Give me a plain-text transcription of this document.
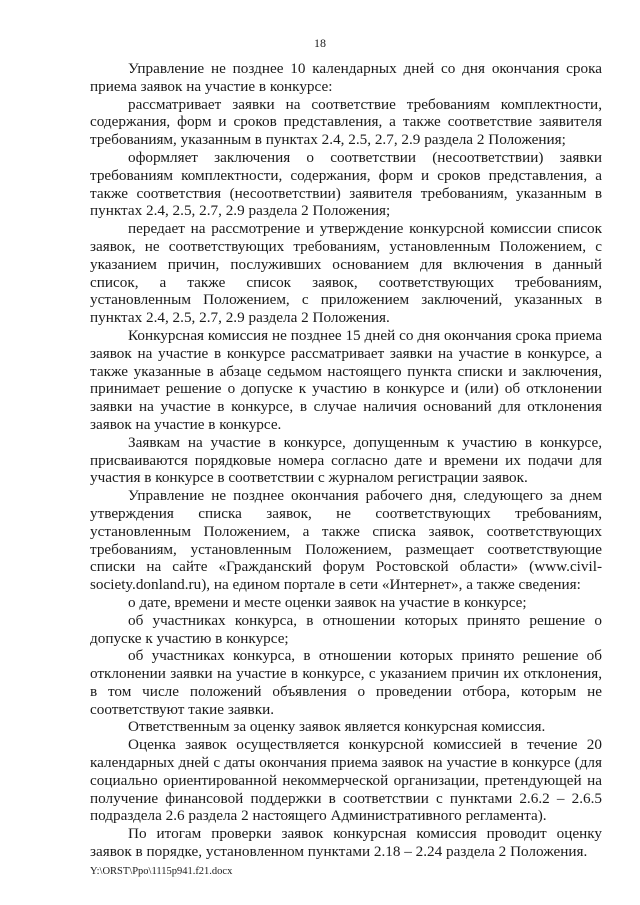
18

Управление не позднее 10 календарных дней со дня окончания срока приема заявок на участие в конкурсе:

рассматривает заявки на соответствие требованиям комплектности, содержания, форм и сроков представления, а также соответствие заявителя требованиям, указанным в пунктах 2.4, 2.5, 2.7, 2.9 раздела 2 Положения;

оформляет заключения о соответствии (несоответствии) заявки требованиям комплектности, содержания, форм и сроков представления, а также соответствия (несоответствии) заявителя требованиям, указанным в пунктах 2.4, 2.5, 2.7, 2.9 раздела 2 Положения;

передает на рассмотрение и утверждение конкурсной комиссии список заявок, не соответствующих требованиям, установленным Положением, с указанием причин, послуживших основанием для включения в данный список, а также список заявок, соответствующих требованиям, установленным Положением, с приложением заключений, указанных в пунктах 2.4, 2.5, 2.7, 2.9 раздела 2 Положения.

Конкурсная комиссия не позднее 15 дней со дня окончания срока приема заявок на участие в конкурсе рассматривает заявки на участие в конкурсе, а также указанные в абзаце седьмом настоящего пункта списки и заключения, принимает решение о допуске к участию в конкурсе и (или) об отклонении заявки на участие в конкурсе, в случае наличия оснований для отклонения заявок на участие в конкурсе.

Заявкам на участие в конкурсе, допущенным к участию в конкурсе, присваиваются порядковые номера согласно дате и времени их подачи для участия в конкурсе в соответствии с журналом регистрации заявок.

Управление не позднее окончания рабочего дня, следующего за днем утверждения списка заявок, не соответствующих требованиям, установленным Положением, а также списка заявок, соответствующих требованиям, установленным Положением, размещает соответствующие списки на сайте «Гражданский форум Ростовской области» (www.civil-society.donland.ru), на едином портале в сети «Интернет», а также сведения:

о дате, времени и месте оценки заявок на участие в конкурсе;

об участниках конкурса, в отношении которых принято решение о допуске к участию в конкурсе;

об участниках конкурса, в отношении которых принято решение об отклонении заявки на участие в конкурсе, с указанием причин их отклонения, в том числе положений объявления о проведении отбора, которым не соответствуют такие заявки.

Ответственным за оценку заявок является конкурсная комиссия.

Оценка заявок осуществляется конкурсной комиссией в течение 20 календарных дней с даты окончания приема заявок на участие в конкурсе (для социально ориентированной некоммерческой организации, претендующей на получение финансовой поддержки в соответствии с пунктами 2.6.2 – 2.6.5 подраздела 2.6 раздела 2 настоящего Административного регламента).

По итогам проверки заявок конкурсная комиссия проводит оценку заявок в порядке, установленном пунктами 2.18 – 2.24 раздела 2 Положения.

Y:\ORST\Ppo\1115p941.f21.docx
